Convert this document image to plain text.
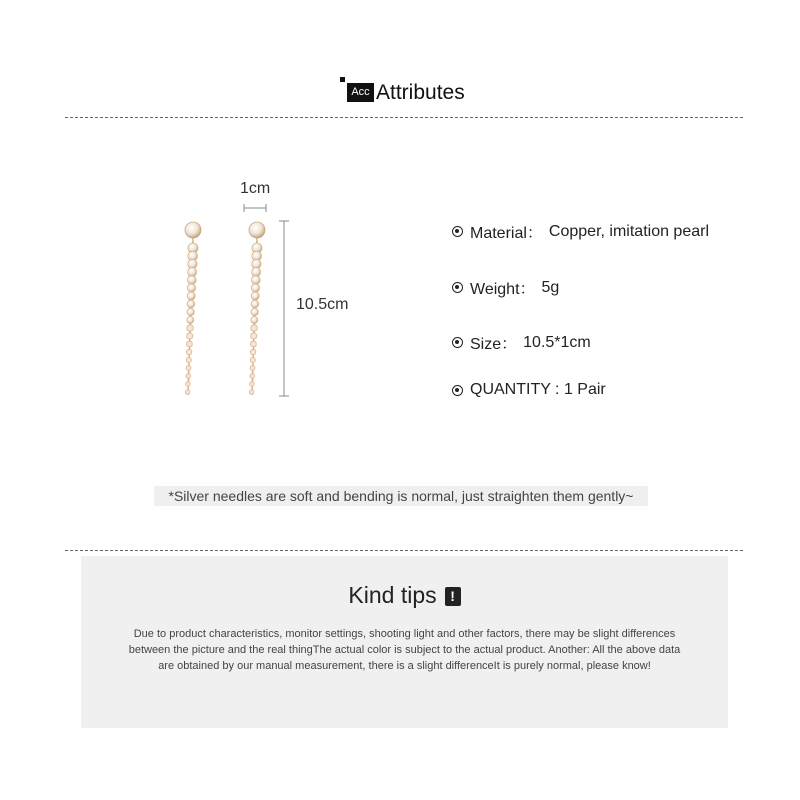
Acc Attributes
1cm
10.5cm
Material： Copper, imitation pearl
Weight： 5g
Size： 10.5*1cm
QUANTITY : 1 Pair
*Silver needles are soft and bending is normal, just straighten them gently~
Kind tips !
Due to product characteristics, monitor settings, shooting light and other factors, there may be slight differences between the picture and the real thingThe actual color is subject to the actual product. Another: All the above data are obtained by our manual measurement, there is a slight differenceIt is purely normal, please know!
